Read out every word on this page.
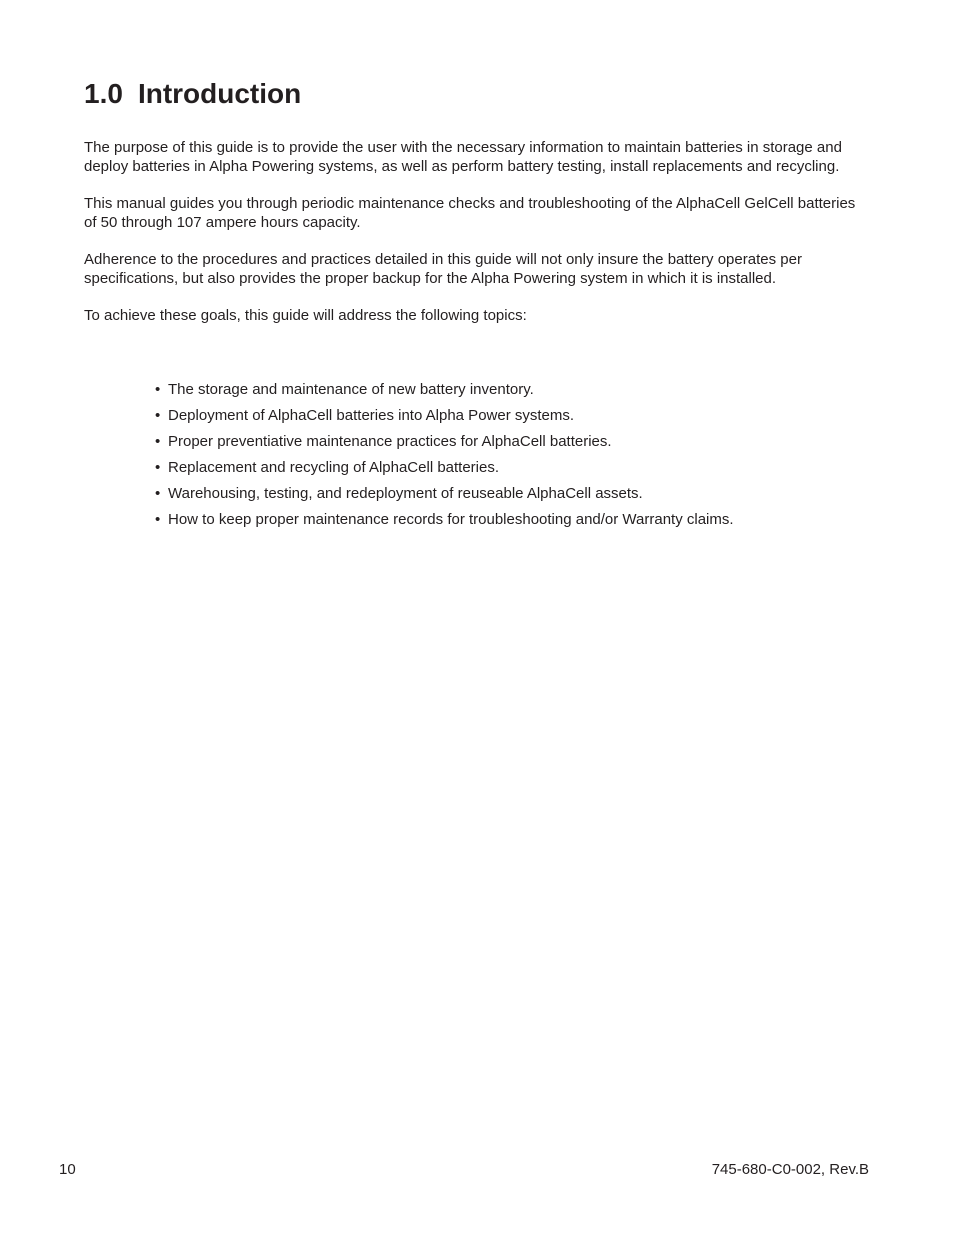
1.0 Introduction

The purpose of this guide is to provide the user with the necessary information to maintain batteries in storage and deploy batteries in Alpha Powering systems, as well as perform battery testing, install replacements and recycling.

This manual guides you through periodic maintenance checks and troubleshooting of the AlphaCell GelCell batteries of 50 through 107 ampere hours capacity.

Adherence to the procedures and practices detailed in this guide will not only insure the battery operates per specifications, but also provides the proper backup for the Alpha Powering system in which it is installed.

To achieve these goals, this guide will address the following topics:

• The storage and maintenance of new battery inventory.
• Deployment of AlphaCell batteries into Alpha Power systems.
• Proper preventiative maintenance practices for AlphaCell batteries.
• Replacement and recycling of AlphaCell batteries.
• Warehousing, testing, and redeployment of reuseable AlphaCell assets.
• How to keep proper maintenance records for troubleshooting and/or Warranty claims.
10	745-680-C0-002, Rev.B
